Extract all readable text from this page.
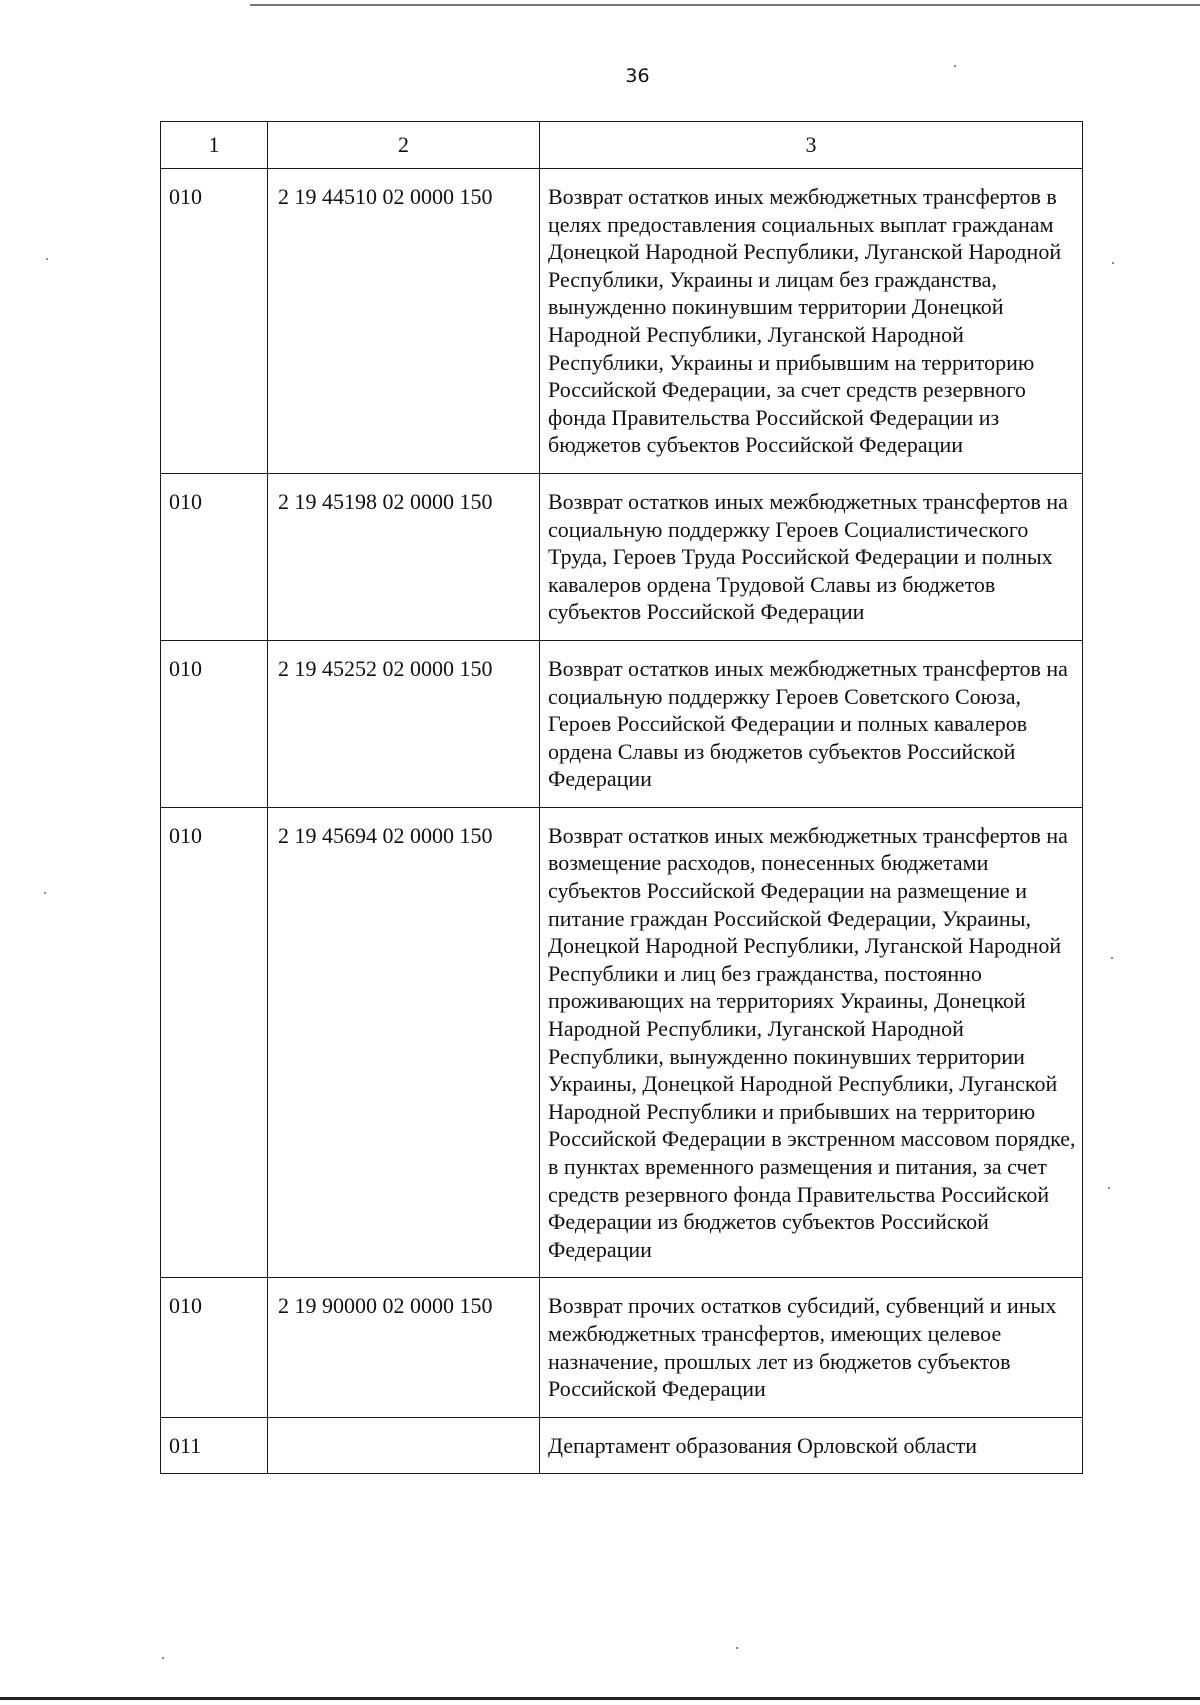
36
1	2	3
010	2 19 44510 02 0000 150	Возврат остатков иных межбюджетных трансфертов в целях предоставления социальных выплат гражданам Донецкой Народной Республики, Луганской Народной Республики, Украины и лицам без гражданства, вынужденно покинувшим территории Донецкой Народной Республики, Луганской Народной Республики, Украины и прибывшим на территорию Российской Федерации, за счет средств резервного фонда Правительства Российской Федерации из бюджетов субъектов Российской Федерации
010	2 19 45198 02 0000 150	Возврат остатков иных межбюджетных трансфертов на социальную поддержку Героев Социалистического Труда, Героев Труда Российской Федерации и полных кавалеров ордена Трудовой Славы из бюджетов субъектов Российской Федерации
010	2 19 45252 02 0000 150	Возврат остатков иных межбюджетных трансфертов на социальную поддержку Героев Советского Союза, Героев Российской Федерации и полных кавалеров ордена Славы из бюджетов субъектов Российской Федерации
010	2 19 45694 02 0000 150	Возврат остатков иных межбюджетных трансфертов на возмещение расходов, понесенных бюджетами субъектов Российской Федерации на размещение и питание граждан Российской Федерации, Украины, Донецкой Народной Республики, Луганской Народной Республики и лиц без гражданства, постоянно проживающих на территориях Украины, Донецкой Народной Республики, Луганской Народной Республики, вынужденно покинувших территории Украины, Донецкой Народной Республики, Луганской Народной Республики и прибывших на территорию Российской Федерации в экстренном массовом порядке, в пунктах временного размещения и питания, за счет средств резервного фонда Правительства Российской Федерации из бюджетов субъектов Российской Федерации
010	2 19 90000 02 0000 150	Возврат прочих остатков субсидий, субвенций и иных межбюджетных трансфертов, имеющих целевое назначение, прошлых лет из бюджетов субъектов Российской Федерации
011		Департамент образования Орловской области
